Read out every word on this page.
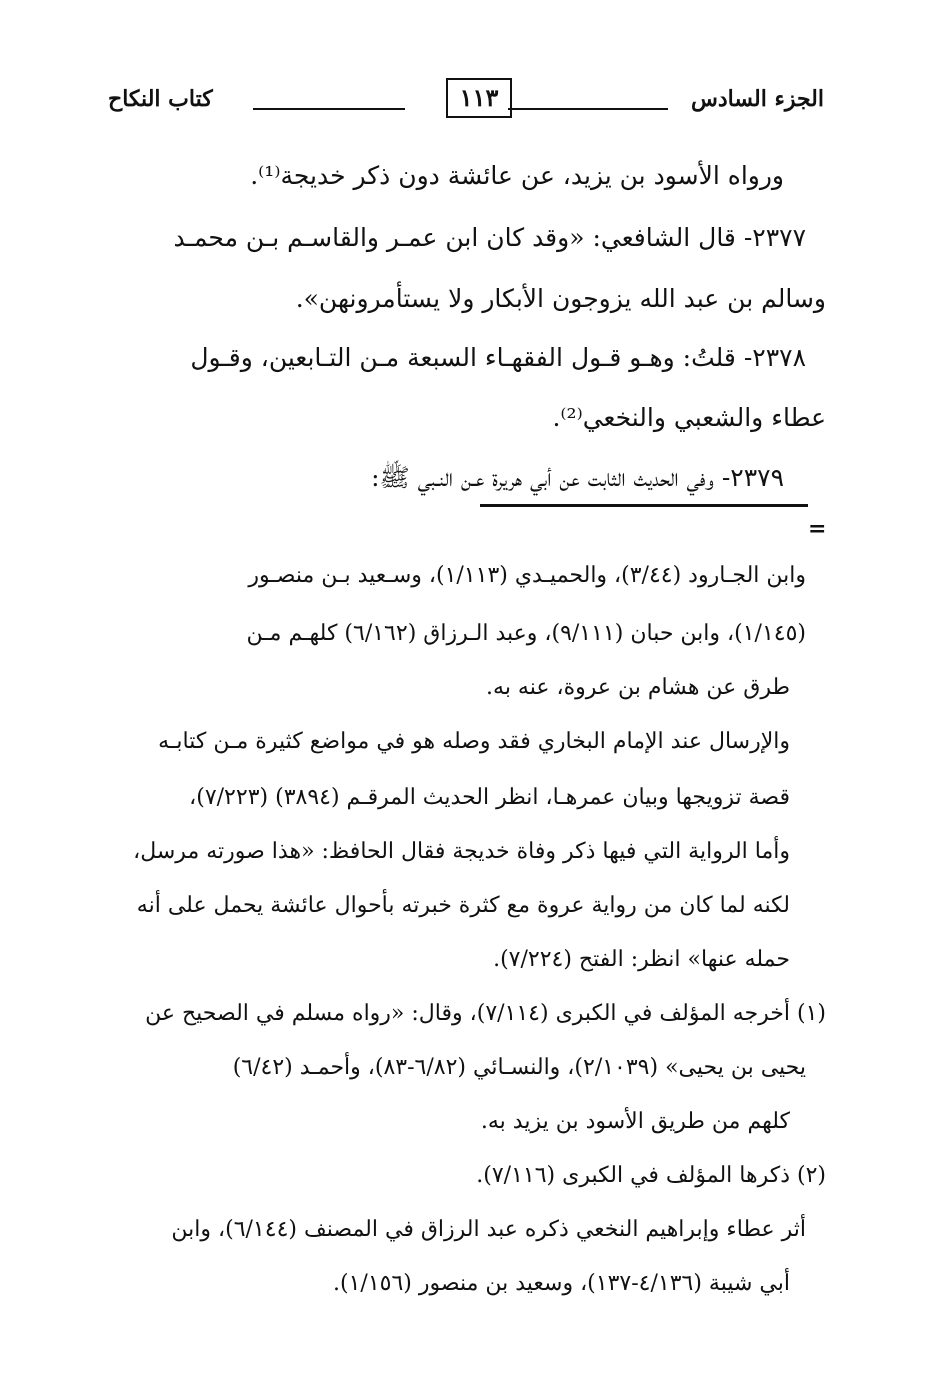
الجزء السادس
١١٣
كتاب النكاح
ورواه الأسود بن يزيد، عن عائشة دون ذكر خديجة⁽¹⁾.
٢٣٧٧- قال الشافعي: «وقد كان ابن عمـر والقاسـم بـن محمـد
وسالم بن عبد الله يزوجون الأبكار ولا يستأمرونهن».
٢٣٧٨- قلتُ: وهـو قـول الفقهـاء السبعة مـن التـابعين، وقـول
عطاء والشعبي والنخعي⁽²⁾.
٢٣٧٩- وفي الحديث الثابت عن أبي هريرة عـن النـبي ﷺ:
=
وابن الجـارود (٣/٤٤)، والحميـدي (١/١١٣)، وسـعيد بـن منصـور
(١/١٤٥)، وابن حبان (٩/١١١)، وعبد الـرزاق (٦/١٦٢) كلهـم مـن
طرق عن هشام بن عروة، عنه به.
والإرسال عند الإمام البخاري فقد وصله هو في مواضع كثيرة مـن كتابـه
قصة تزويجها وبيان عمرهـا، انظر الحديث المرقـم (٣٨٩٤) (٧/٢٢٣)،
وأما الرواية التي فيها ذكر وفاة خديجة فقال الحافظ: «هذا صورته مرسل،
لكنه لما كان من رواية عروة مع كثرة خبرته بأحوال عائشة يحمل على أنه
حمله عنها» انظر: الفتح (٧/٢٢٤).
(١) أخرجه المؤلف في الكبرى (٧/١١٤)، وقال: «رواه مسلم في الصحيح عن
يحيى بن يحيى» (٢/١٠٣٩)، والنسـائي (٦/٨٢-٨٣)، وأحمـد (٦/٤٢)
كلهم من طريق الأسود بن يزيد به.
(٢) ذكرها المؤلف في الكبرى (٧/١١٦).
أثر عطاء وإبراهيم النخعي ذكره عبد الرزاق في المصنف (٦/١٤٤)، وابن
أبي شيبة (٤/١٣٦-١٣٧)، وسعيد بن منصور (١/١٥٦).
